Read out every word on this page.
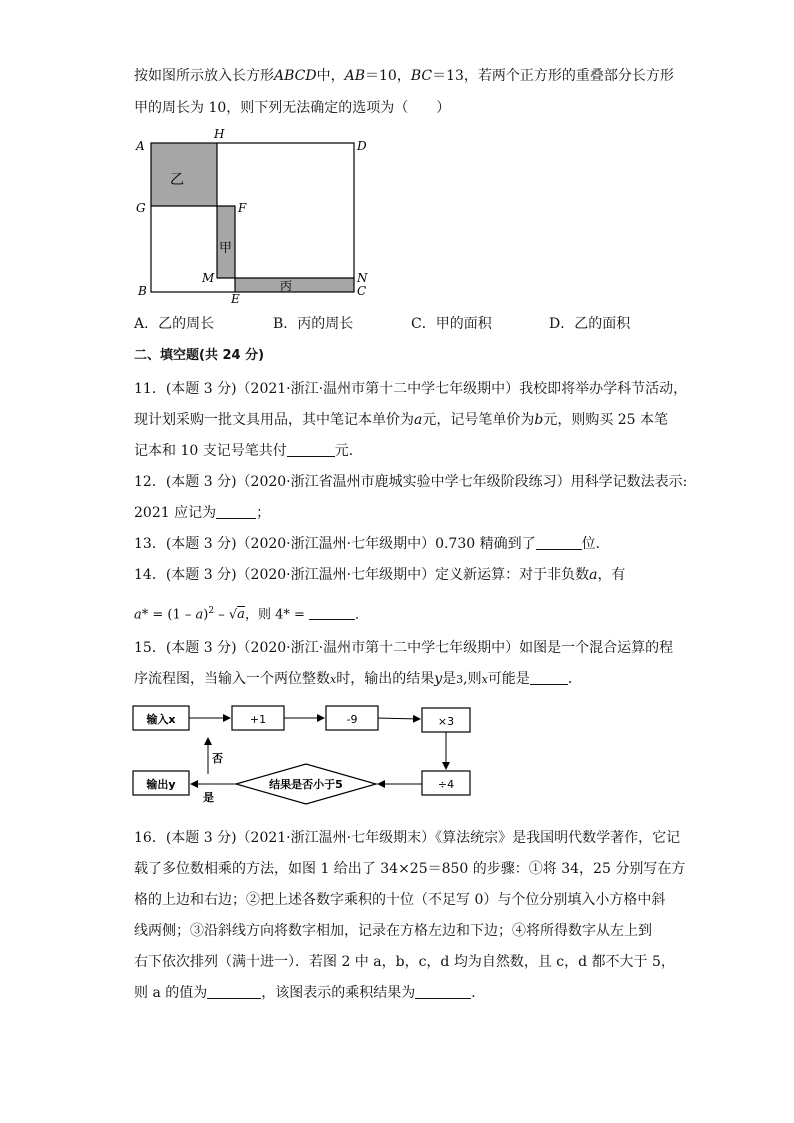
按如图所示放入长方形ABCD中，AB＝10，BC＝13，若两个正方形的重叠部分长方形
甲的周长为 10，则下列无法确定的选项为（　　）
乙
甲
丙
A
H
D
G	F
M	N
B
E
C
A．乙的周长	B．丙的周长	C．甲的面积	D．乙的面积
二、填空题(共 24 分)
11．(本题 3 分)（2021·浙江·温州市第十二中学七年级期中）我校即将举办学科节活动，
现计划采购一批文具用品，其中笔记本单价为a元，记号笔单价为b元，则购买 25 本笔
记本和 10 支记号笔共付	元．
12．(本题 3 分)（2020·浙江省温州市鹿城实验中学七年级阶段练习）用科学记数法表示:
2021 应记为	；
13．(本题 3 分)（2020·浙江温州·七年级期中）0.730 精确到了	位．
14．(本题 3 分)（2020·浙江温州·七年级期中）定义新运算：对于非负数a，有
a* = (1 – a)$^2$ – √a，则 4* =	．
15．(本题 3 分)（2020·浙江·温州市第十二中学七年级期中）如图是一个混合运算的程
序流程图，当输入一个两位整数x时，输出的结果y是3,则x可能是	．
输入x	+1	-9	×3
÷4
结果是否小于5
输出y
否
是
16．(本题 3 分)（2021·浙江温州·七年级期末）《算法统宗》是我国明代数学著作，它记
载了多位数相乘的方法，如图 1 给出了 34×25＝850 的步骤：①将 34，25 分别写在方
格的上边和右边；②把上述各数字乘积的十位（不足写 0）与个位分别填入小方格中斜
线两侧；③沿斜线方向将数字相加，记录在方格左边和下边；④将所得数字从左上到
右下依次排列（满十进一）．若图 2 中 a，b，c，d 均为自然数，且 c，d 都不大于 5，
则 a 的值为	，该图表示的乘积结果为	．
